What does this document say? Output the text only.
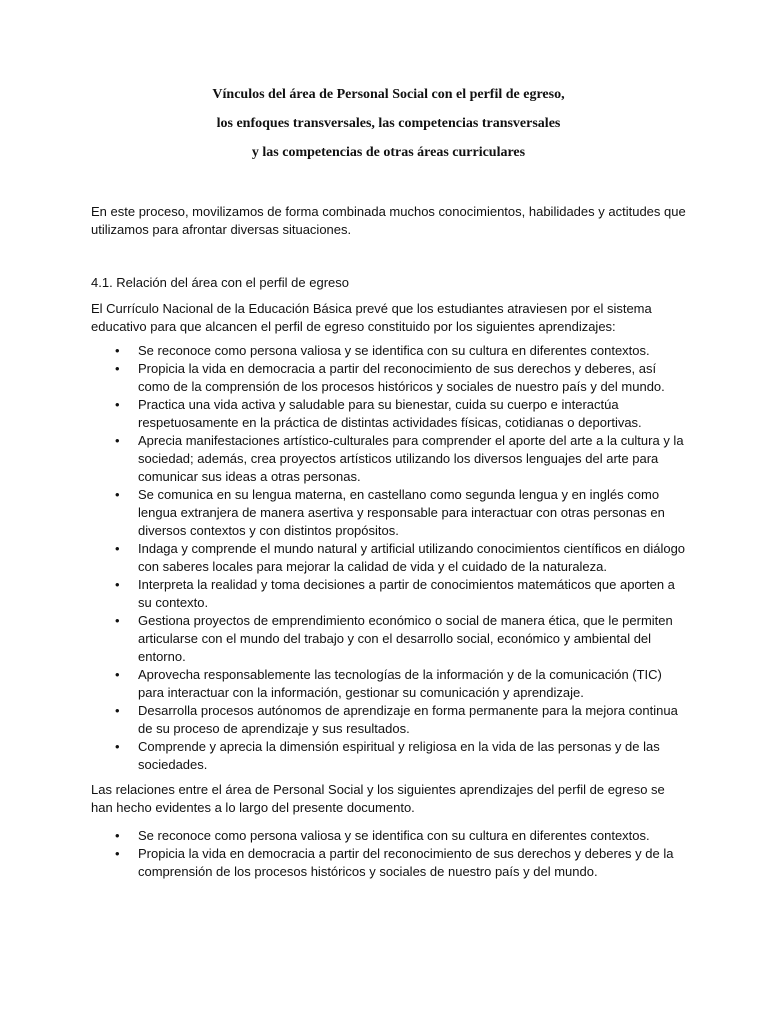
Vínculos del área de Personal Social con el perfil de egreso,

los enfoques transversales, las competencias transversales

y las competencias de otras áreas curriculares

En este proceso, movilizamos de forma combinada muchos conocimientos, habilidades y actitudes que utilizamos para afrontar diversas situaciones.

4.1. Relación del área con el perfil de egreso

El Currículo Nacional de la Educación Básica prevé que los estudiantes atraviesen por el sistema educativo para que alcancen el perfil de egreso constituido por los siguientes aprendizajes:

• Se reconoce como persona valiosa y se identifica con su cultura en diferentes contextos.
• Propicia la vida en democracia a partir del reconocimiento de sus derechos y deberes, así como de la comprensión de los procesos históricos y sociales de nuestro país y del mundo.
• Practica una vida activa y saludable para su bienestar, cuida su cuerpo e interactúa respetuosamente en la práctica de distintas actividades físicas, cotidianas o deportivas.
• Aprecia manifestaciones artístico-culturales para comprender el aporte del arte a la cultura y la sociedad; además, crea proyectos artísticos utilizando los diversos lenguajes del arte para comunicar sus ideas a otras personas.
• Se comunica en su lengua materna, en castellano como segunda lengua y en inglés como lengua extranjera de manera asertiva y responsable para interactuar con otras personas en diversos contextos y con distintos propósitos.
• Indaga y comprende el mundo natural y artificial utilizando conocimientos científicos en diálogo con saberes locales para mejorar la calidad de vida y el cuidado de la naturaleza.
• Interpreta la realidad y toma decisiones a partir de conocimientos matemáticos que aporten a su contexto.
• Gestiona proyectos de emprendimiento económico o social de manera ética, que le permiten articularse con el mundo del trabajo y con el desarrollo social, económico y ambiental del entorno.
• Aprovecha responsablemente las tecnologías de la información y de la comunicación (TIC) para interactuar con la información, gestionar su comunicación y aprendizaje.
• Desarrolla procesos autónomos de aprendizaje en forma permanente para la mejora continua de su proceso de aprendizaje y sus resultados.
• Comprende y aprecia la dimensión espiritual y religiosa en la vida de las personas y de las sociedades.

Las relaciones entre el área de Personal Social y los siguientes aprendizajes del perfil de egreso se han hecho evidentes a lo largo del presente documento.

• Se reconoce como persona valiosa y se identifica con su cultura en diferentes contextos.
• Propicia la vida en democracia a partir del reconocimiento de sus derechos y deberes y de la comprensión de los procesos históricos y sociales de nuestro país y del mundo.
